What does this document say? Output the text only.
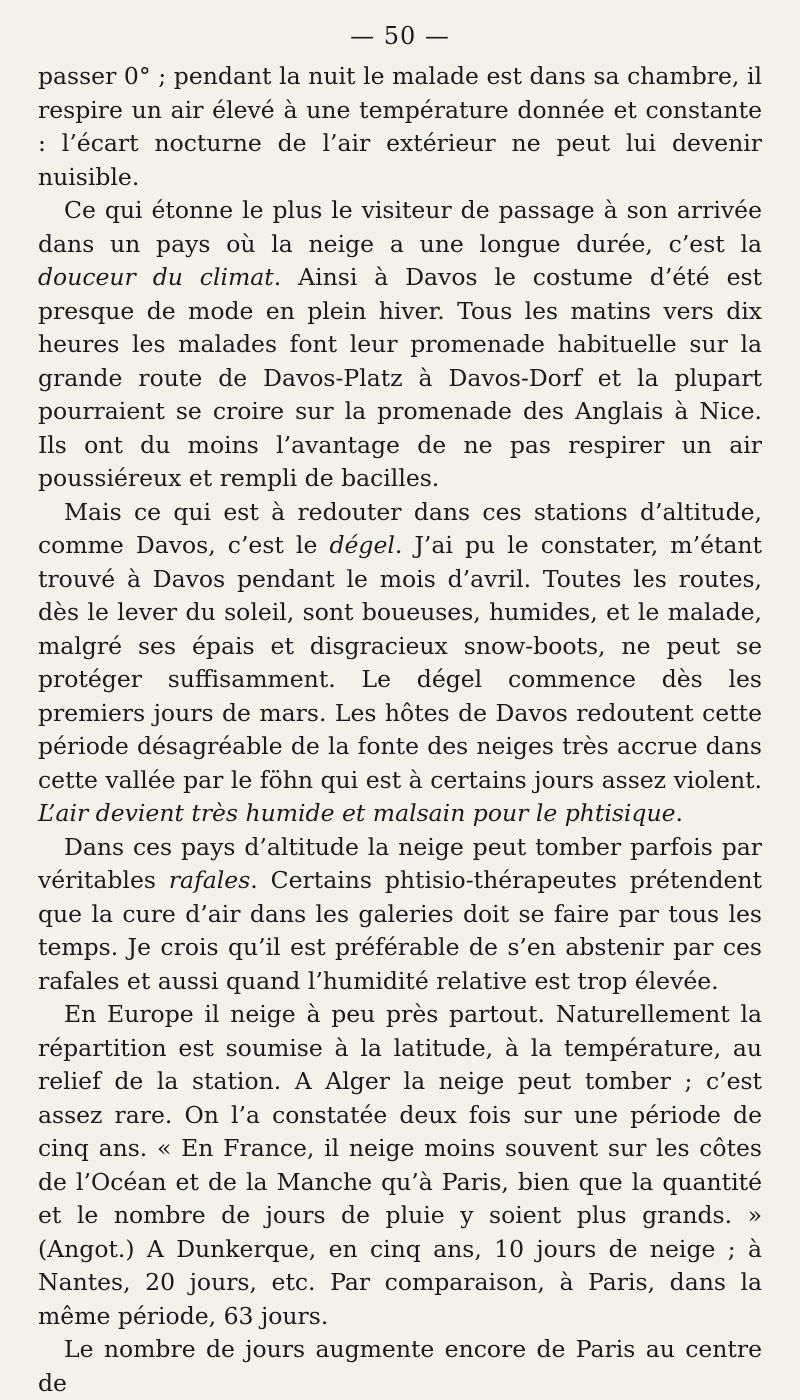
— 50 —

passer 0° ; pendant la nuit le malade est dans sa chambre, il respire un air élevé à une température donnée et constante : l’écart nocturne de l’air extérieur ne peut lui devenir nuisible.

Ce qui étonne le plus le visiteur de passage à son arrivée dans un pays où la neige a une longue durée, c’est la douceur du climat. Ainsi à Davos le costume d’été est presque de mode en plein hiver. Tous les matins vers dix heures les malades font leur promenade habituelle sur la grande route de Davos-Platz à Davos-Dorf et la plupart pourraient se croire sur la promenade des Anglais à Nice. Ils ont du moins l’avantage de ne pas respirer un air poussiéreux et rempli de bacilles.

Mais ce qui est à redouter dans ces stations d’altitude, comme Davos, c’est le dégel. J’ai pu le constater, m’étant trouvé à Davos pendant le mois d’avril. Toutes les routes, dès le lever du soleil, sont boueuses, humides, et le malade, malgré ses épais et disgracieux snow-boots, ne peut se protéger suffisamment. Le dégel commence dès les premiers jours de mars. Les hôtes de Davos redoutent cette période désagréable de la fonte des neiges très accrue dans cette vallée par le föhn qui est à certains jours assez violent. L’air devient très humide et malsain pour le phtisique.

Dans ces pays d’altitude la neige peut tomber parfois par véritables rafales. Certains phtisio-thérapeutes prétendent que la cure d’air dans les galeries doit se faire par tous les temps. Je crois qu’il est préférable de s’en abstenir par ces rafales et aussi quand l’humidité relative est trop élevée.

En Europe il neige à peu près partout. Naturellement la répartition est soumise à la latitude, à la température, au relief de la station. A Alger la neige peut tomber ; c’est assez rare. On l’a constatée deux fois sur une période de cinq ans. « En France, il neige moins souvent sur les côtes de l’Océan et de la Manche qu’à Paris, bien que la quantité et le nombre de jours de pluie y soient plus grands. » (Angot.) A Dunkerque, en cinq ans, 10 jours de neige ; à Nantes, 20 jours, etc. Par comparaison, à Paris, dans la même période, 63 jours.

Le nombre de jours augmente encore de Paris au centre de
